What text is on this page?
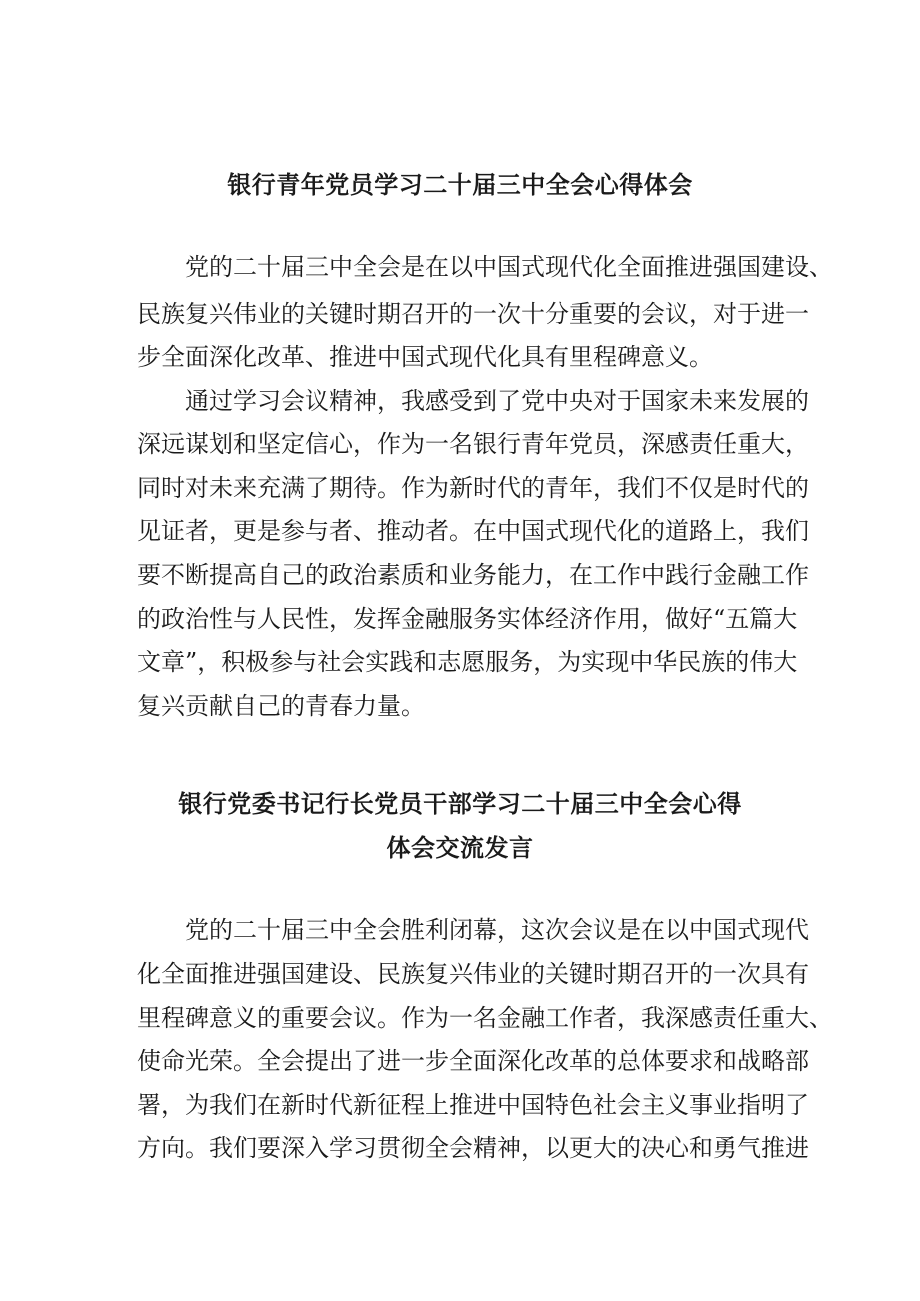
银行青年党员学习二十届三中全会心得体会

党的二十届三中全会是在以中国式现代化全面推进强国建设、

民族复兴伟业的关键时期召开的一次十分重要的会议，对于进一

步全面深化改革、推进中国式现代化具有里程碑意义。

通过学习会议精神，我感受到了党中央对于国家未来发展的

深远谋划和坚定信心，作为一名银行青年党员，深感责任重大，

同时对未来充满了期待。作为新时代的青年，我们不仅是时代的

见证者，更是参与者、推动者。在中国式现代化的道路上，我们

要不断提高自己的政治素质和业务能力，在工作中践行金融工作

的政治性与人民性，发挥金融服务实体经济作用，做好“五篇大

文章”，积极参与社会实践和志愿服务，为实现中华民族的伟大

复兴贡献自己的青春力量。

银行党委书记行长党员干部学习二十届三中全会心得
体会交流发言

党的二十届三中全会胜利闭幕，这次会议是在以中国式现代

化全面推进强国建设、民族复兴伟业的关键时期召开的一次具有

里程碑意义的重要会议。作为一名金融工作者，我深感责任重大、

使命光荣。全会提出了进一步全面深化改革的总体要求和战略部

署，为我们在新时代新征程上推进中国特色社会主义事业指明了

方向。我们要深入学习贯彻全会精神，以更大的决心和勇气推进
